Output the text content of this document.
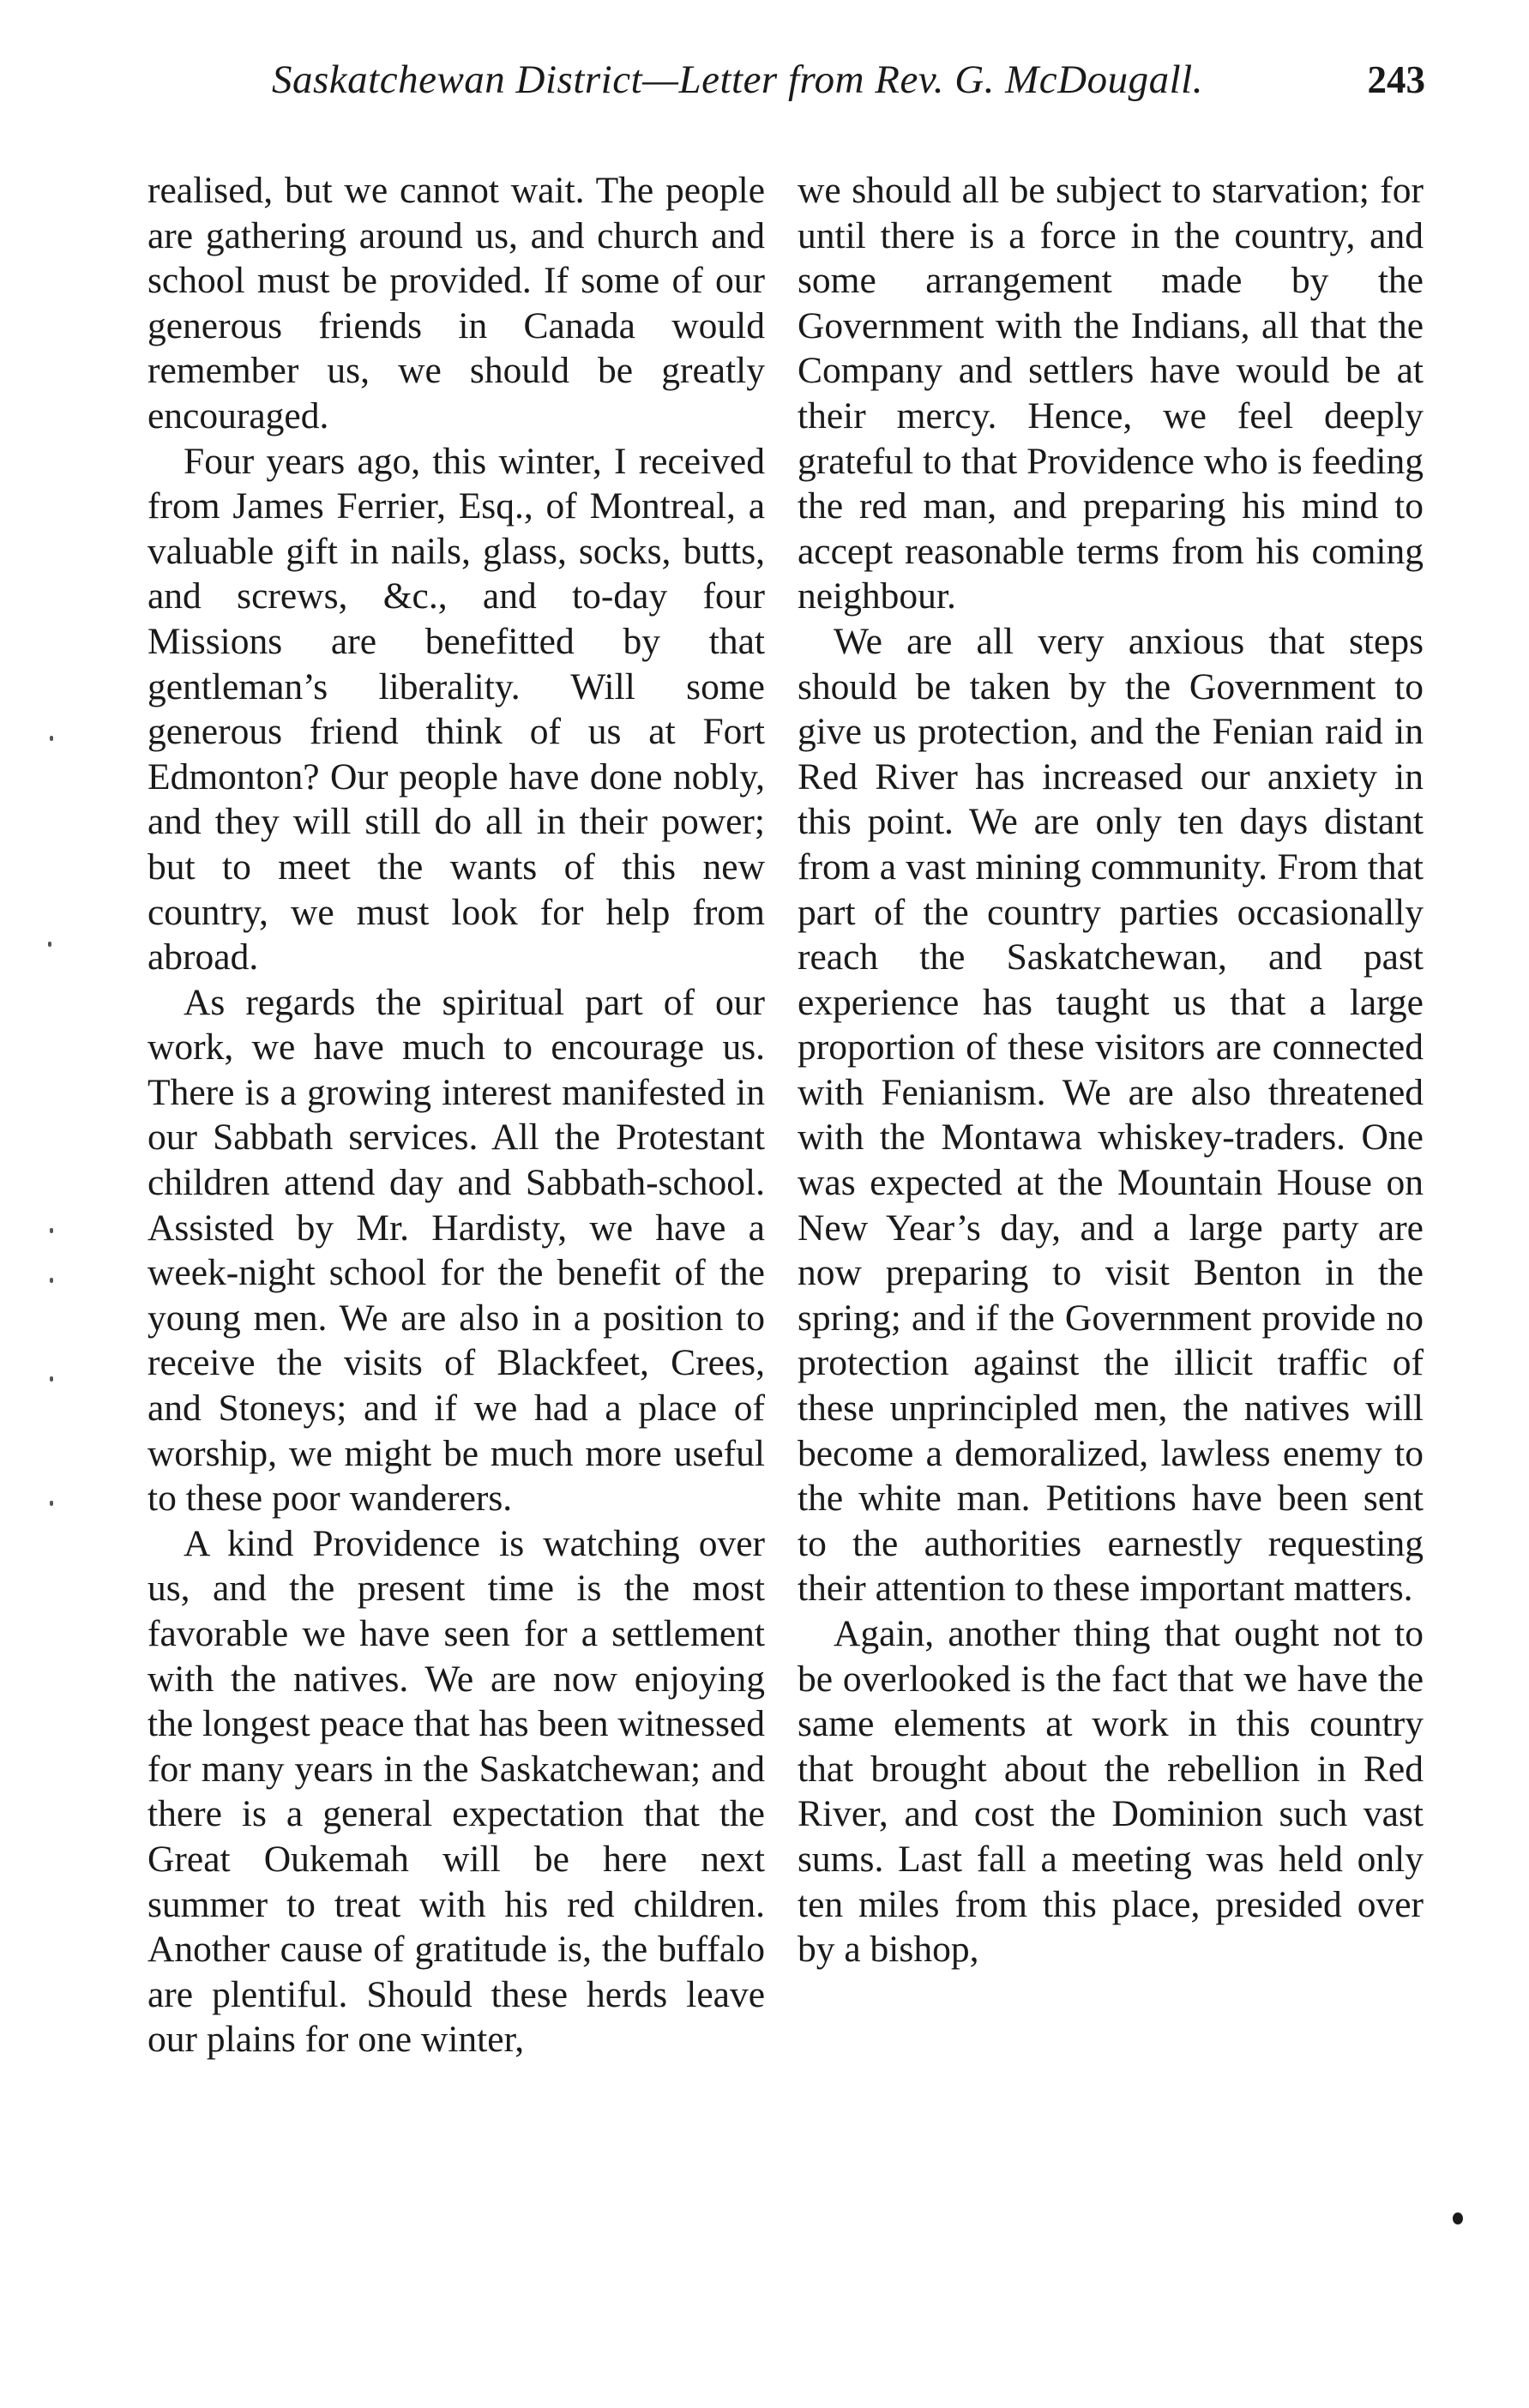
Saskatchewan District—Letter from Rev. G. McDougall.	243

realised, but we cannot wait. The people are gathering around us, and church and school must be provided. If some of our generous friends in Canada would remember us, we should be greatly encouraged.

Four years ago, this winter, I received from James Ferrier, Esq., of Montreal, a valuable gift in nails, glass, socks, butts, and screws, &c., and to-day four Missions are benefitted by that gentleman’s liberality. Will some generous friend think of us at Fort Edmonton? Our people have done nobly, and they will still do all in their power; but to meet the wants of this new country, we must look for help from abroad.

As regards the spiritual part of our work, we have much to encourage us. There is a growing interest manifested in our Sabbath services. All the Protestant children attend day and Sabbath-school. Assisted by Mr. Hardisty, we have a week-night school for the benefit of the young men. We are also in a position to receive the visits of Blackfeet, Crees, and Stoneys; and if we had a place of worship, we might be much more useful to these poor wanderers.

A kind Providence is watching over us, and the present time is the most favorable we have seen for a settlement with the natives. We are now enjoying the longest peace that has been witnessed for many years in the Saskatchewan; and there is a general expectation that the Great Oukemah will be here next summer to treat with his red children. Another cause of gratitude is, the buffalo are plentiful. Should these herds leave our plains for one winter,

we should all be subject to starvation; for until there is a force in the country, and some arrangement made by the Government with the Indians, all that the Company and settlers have would be at their mercy. Hence, we feel deeply grateful to that Providence who is feeding the red man, and preparing his mind to accept reasonable terms from his coming neighbour.

We are all very anxious that steps should be taken by the Government to give us protection, and the Fenian raid in Red River has increased our anxiety in this point. We are only ten days distant from a vast mining community. From that part of the country parties occasionally reach the Saskatchewan, and past experience has taught us that a large proportion of these visitors are connected with Fenianism. We are also threatened with the Montawa whiskey-traders. One was expected at the Mountain House on New Year’s day, and a large party are now preparing to visit Benton in the spring; and if the Government provide no protection against the illicit traffic of these unprincipled men, the natives will become a demoralized, lawless enemy to the white man. Petitions have been sent to the authorities earnestly requesting their attention to these important matters.

Again, another thing that ought not to be overlooked is the fact that we have the same elements at work in this country that brought about the rebellion in Red River, and cost the Dominion such vast sums. Last fall a meeting was held only ten miles from this place, presided over by a bishop,
